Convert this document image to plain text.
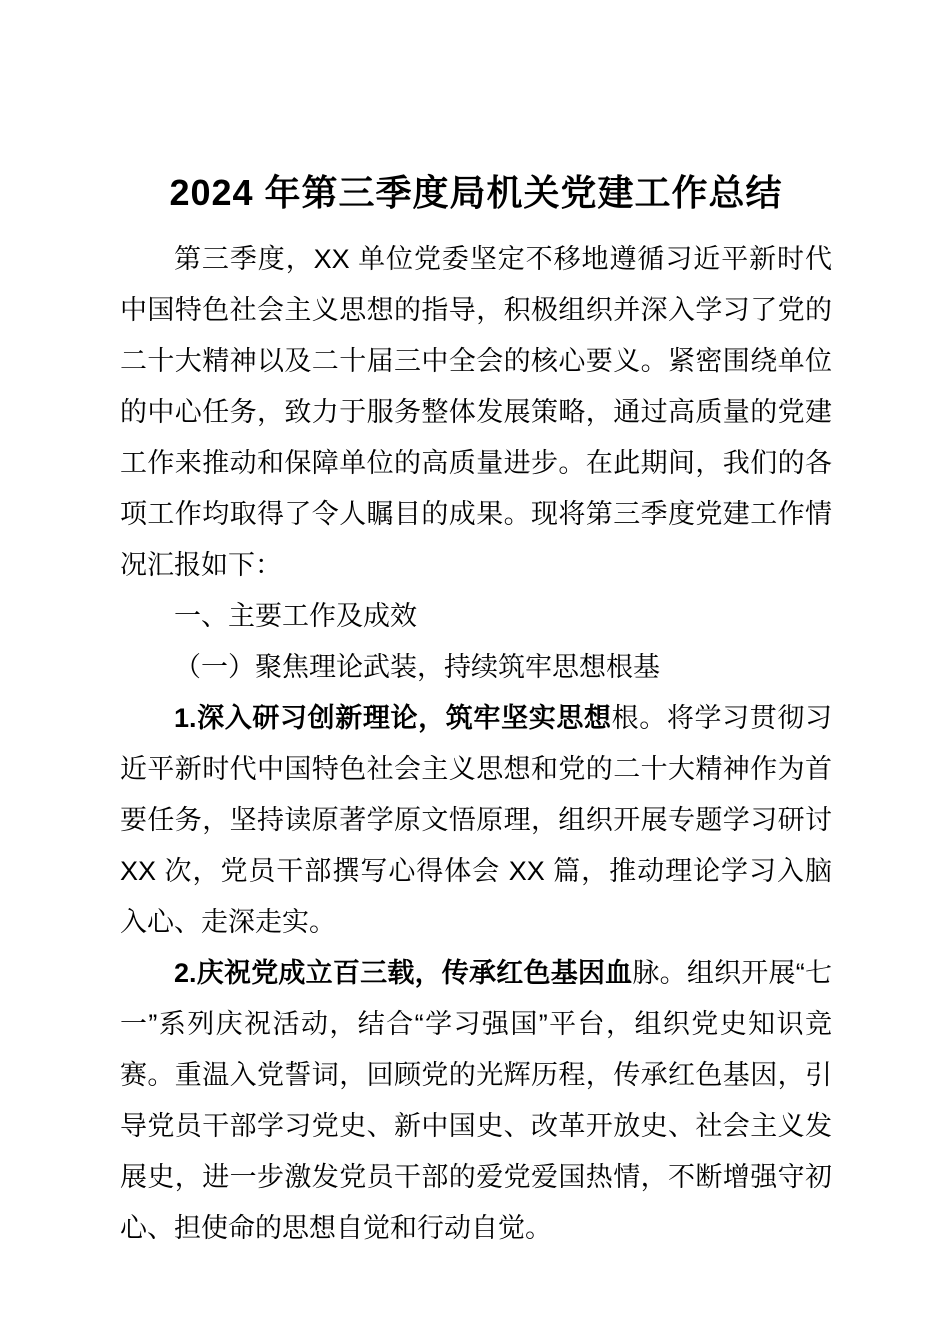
2024 年第三季度局机关党建工作总结

第三季度，XX 单位党委坚定不移地遵循习近平新时代中国特色社会主义思想的指导，积极组织并深入学习了党的二十大精神以及二十届三中全会的核心要义。紧密围绕单位的中心任务，致力于服务整体发展策略，通过高质量的党建工作来推动和保障单位的高质量进步。在此期间，我们的各项工作均取得了令人瞩目的成果。现将第三季度党建工作情况汇报如下：

一、主要工作及成效

（一）聚焦理论武装，持续筑牢思想根基

1.深入研习创新理论，筑牢坚实思想根。将学习贯彻习近平新时代中国特色社会主义思想和党的二十大精神作为首要任务，坚持读原著学原文悟原理，组织开展专题学习研讨 XX 次，党员干部撰写心得体会 XX 篇，推动理论学习入脑入心、走深走实。

2.庆祝党成立百三载，传承红色基因血脉。组织开展“七一”系列庆祝活动，结合“学习强国”平台，组织党史知识竞赛。重温入党誓词，回顾党的光辉历程，传承红色基因，引导党员干部学习党史、新中国史、改革开放史、社会主义发展史，进一步激发党员干部的爱党爱国热情，不断增强守初心、担使命的思想自觉和行动自觉。
